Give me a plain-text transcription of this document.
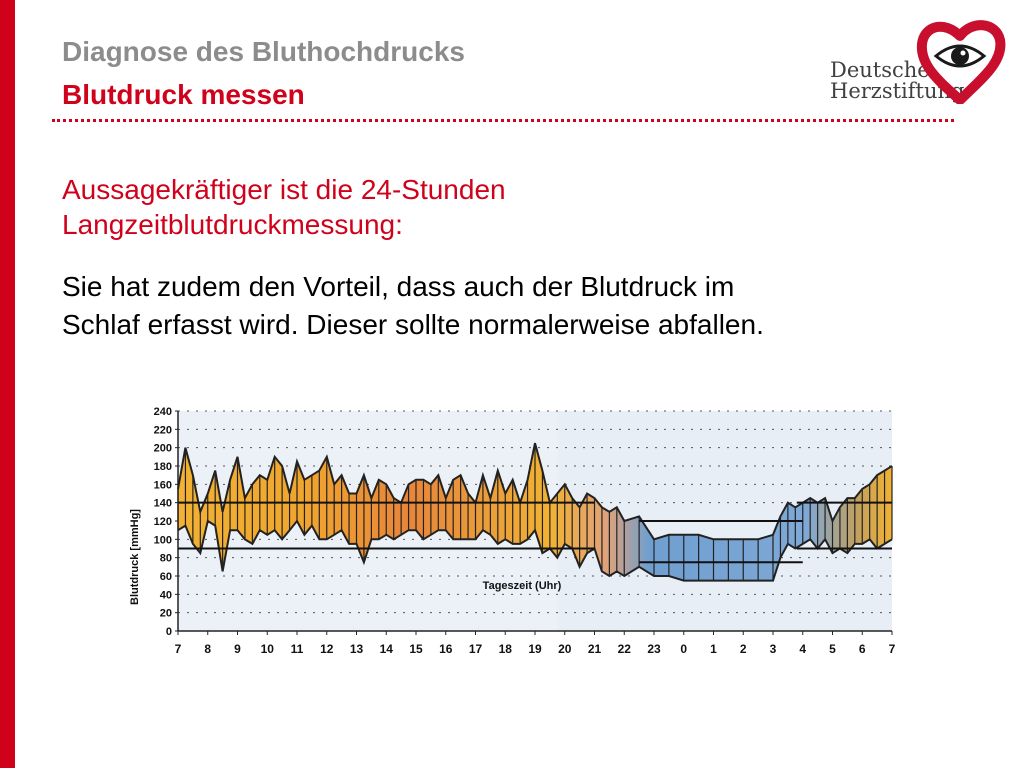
Diagnose des Bluthochdrucks
Blutdruck messen
Deutsche
Herzstiftung
Aussagekräftiger ist die 24-Stunden
Langzeitblutdruckmessung:
Sie hat zudem den Vorteil, dass auch der Blutdruck im
Schlaf erfasst wird. Dieser sollte normalerweise abfallen.
240
220
200
180
160
140
120
100
80
60
40
20
0
7 8 9 10 11 12 13 14 15 16 17 18 19 20 21 22 23 0 1 2 3 4 5 6 7
Tageszeit (Uhr)
Blutdruck [mmHg]
